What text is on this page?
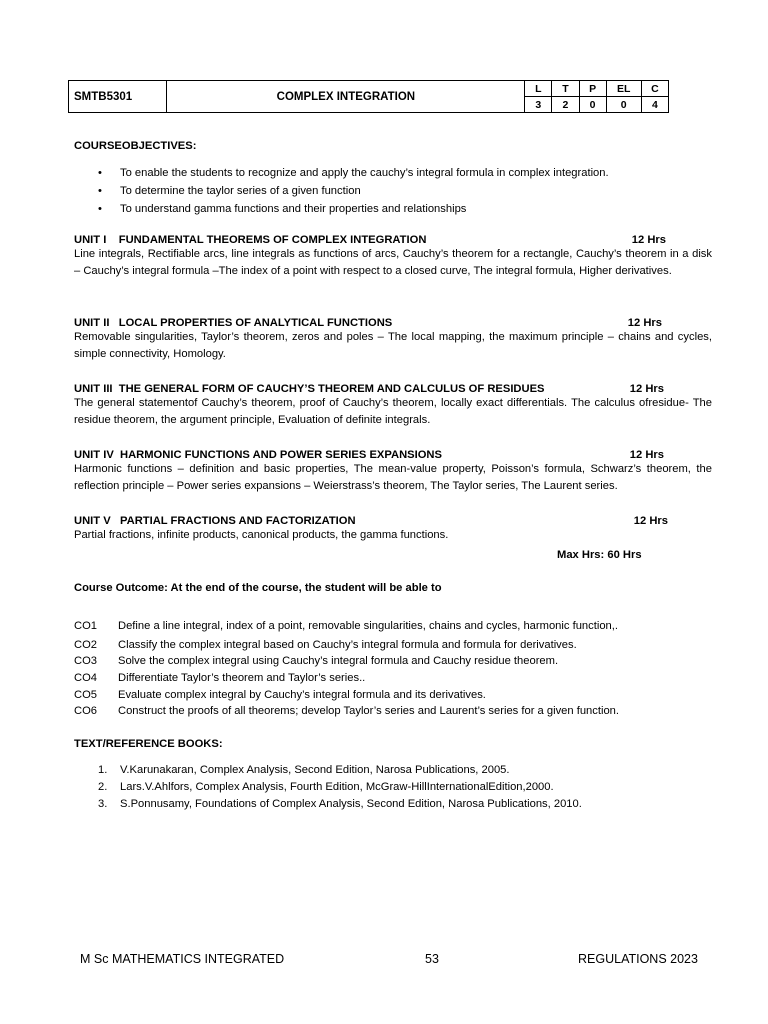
SMTB5301	COMPLEX INTEGRATION	L	T	P	EL	C
		3	2	0	0	4
COURSEOBJECTIVES:
• To enable the students to recognize and apply the cauchy’s integral formula in complex integration.
• To determine the taylor series of a given function
• To understand gamma functions and their properties and relationships
UNIT I    FUNDAMENTAL THEOREMS OF COMPLEX INTEGRATION	12 Hrs
Line integrals, Rectifiable arcs, line integrals as functions of arcs, Cauchy’s theorem for a rectangle, Cauchy’s theorem in a disk – Cauchy’s integral formula –The index of a point with respect to a closed curve, The integral formula, Higher derivatives.
UNIT II   LOCAL PROPERTIES OF ANALYTICAL FUNCTIONS	12 Hrs
Removable singularities, Taylor’s theorem, zeros and poles – The local mapping, the maximum principle – chains and cycles, simple connectivity, Homology.
UNIT III  THE GENERAL FORM OF CAUCHY’S THEOREM AND CALCULUS OF RESIDUES	12 Hrs
The general statementof Cauchy’s theorem, proof of Cauchy’s theorem, locally exact differentials. The calculus ofresidue- The residue theorem, the argument principle, Evaluation of definite integrals.
UNIT IV  HARMONIC FUNCTIONS AND POWER SERIES EXPANSIONS	12 Hrs
Harmonic functions – definition and basic properties, The mean-value property, Poisson’s formula, Schwarz’s theorem, the reflection principle – Power series expansions – Weierstrass’s theorem, The Taylor series, The Laurent series.
UNIT V   PARTIAL FRACTIONS AND FACTORIZATION	12 Hrs
Partial fractions, infinite products, canonical products, the gamma functions.
Max Hrs: 60 Hrs
Course Outcome: At the end of the course, the student will be able to
CO1 Define a line integral, index of a point, removable singularities, chains and cycles, harmonic function,.
CO2 Classify the complex integral based on Cauchy’s integral formula and formula for derivatives.
CO3 Solve the complex integral using Cauchy’s integral formula and Cauchy residue theorem.
CO4 Differentiate Taylor’s theorem and Taylor’s series..
CO5 Evaluate complex integral by Cauchy’s integral formula and its derivatives.
CO6 Construct the proofs of all theorems; develop Taylor’s series and Laurent’s series for a given function.
TEXT/REFERENCE BOOKS:
1. V.Karunakaran, Complex Analysis, Second Edition, Narosa Publications, 2005.
2. Lars.V.Ahlfors, Complex Analysis, Fourth Edition, McGraw-HillInternationalEdition,2000.
3. S.Ponnusamy, Foundations of Complex Analysis, Second Edition, Narosa Publications, 2010.
M Sc MATHEMATICS INTEGRATED	53	REGULATIONS 2023
